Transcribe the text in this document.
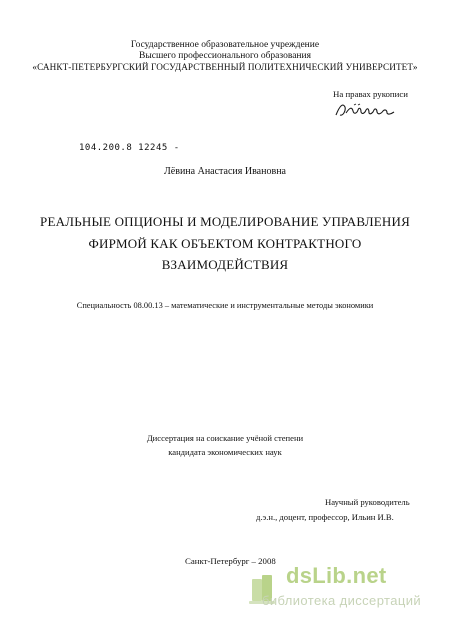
Государственное образовательное учреждение
Высшего профессионального образования
«САНКТ-ПЕТЕРБУРГСКИЙ ГОСУДАРСТВЕННЫЙ ПОЛИТЕХНИЧЕСКИЙ УНИВЕРСИТЕТ»
На правах рукописи
104.200.8 12245 -
Лёвина Анастасия Ивановна
РЕАЛЬНЫЕ ОПЦИОНЫ И МОДЕЛИРОВАНИЕ УПРАВЛЕНИЯ
ФИРМОЙ КАК ОБЪЕКТОМ КОНТРАКТНОГО
ВЗАИМОДЕЙСТВИЯ
Специальность 08.00.13 – математические и инструментальные методы экономики
Диссертация на соискание учёной степени
кандидата экономических наук
Научный руководитель
д.э.н., доцент, профессор, Ильин И.В.
Санкт-Петербург – 2008
dsLib.net
библиотека диссертаций
